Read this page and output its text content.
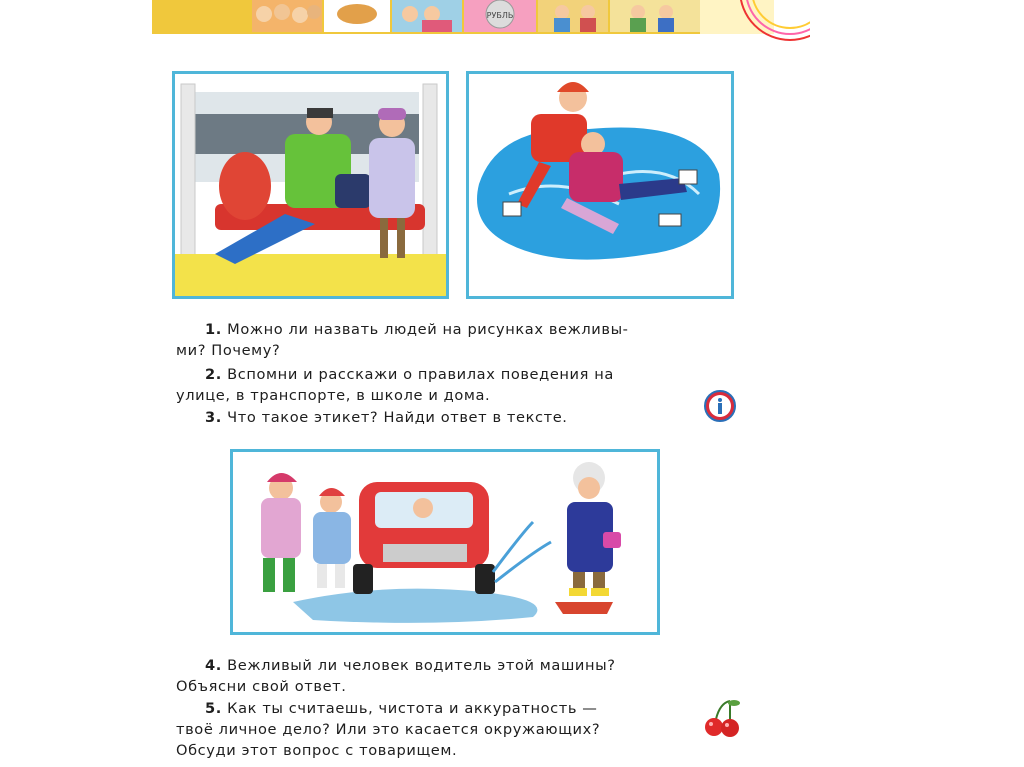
РУБЛЬ
1. Можно ли назвать людей на рисунках вежливы-
ми? Почему?
2. Вспомни и расскажи о правилах поведения на
улице, в транспорте, в школе и дома.
3. Что такое этикет? Найди ответ в тексте.
4. Вежливый ли человек водитель этой машины?
Объясни свой ответ.
5. Как ты считаешь, чистота и аккуратность —
твоё личное дело? Или это касается окружающих?
Обсуди этот вопрос с товарищем.
